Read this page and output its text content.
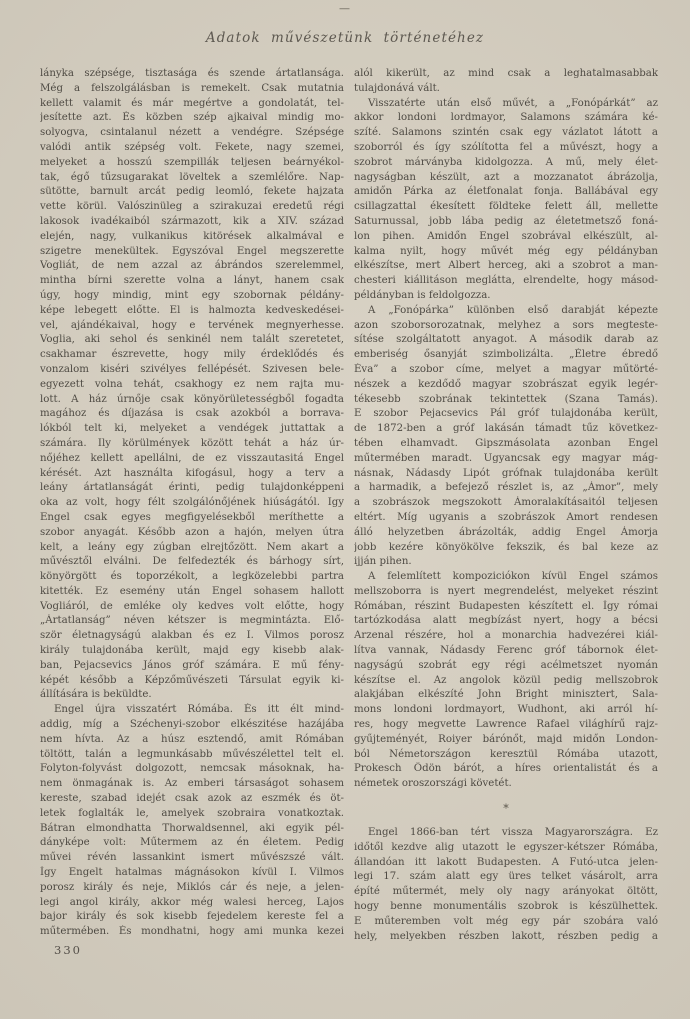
—
Adatok művészetünk történetéhez
lányka szépsége, tisztasága és szende ártatlansága.
Még a felszolgálásban is remekelt. Csak mutatnia
kellett valamit és már megértve a gondolatát, tel-
jesítette azt. És közben szép ajkaival mindig mo-
solyogva, csintalanul nézett a vendégre. Szépsége
valódi antik szépség volt. Fekete, nagy szemei,
melyeket a hosszú szempillák teljesen beárnyékol-
tak, égő tűzsugarakat löveltek a szemlélőre. Nap-
sütötte, barnult arcát pedig leomló, fekete hajzata
vette körül. Valószinüleg a szirakuzai eredetű régi
lakosok ivadékaiból származott, kik a XIV. század
elején, nagy, vulkanikus kitörések alkalmával e
szigetre menekültek. Egyszóval Engel megszerette
Vogliát, de nem azzal az ábrándos szerelemmel,
mintha bírni szerette volna a lányt, hanem csak
úgy, hogy mindig, mint egy szobornak példány-
képe lebegett előtte. El is halmozta kedveskedései-
vel, ajándékaival, hogy e tervének megnyerhesse.
Voglia, aki sehol és senkinél nem talált szeretetet,
csakhamar észrevette, hogy mily érdeklődés és
vonzalom kiséri szivélyes fellépését. Szivesen bele-
egyezett volna tehát, csakhogy ez nem rajta mu-
lott. A ház úrnője csak könyörületességből fogadta
magához és díjazása is csak azokból a borrava-
lókból telt ki, melyeket a vendégek juttattak a
számára. Ily körülmények között tehát a ház úr-
nőjéhez kellett apellálni, de ez visszautasitá Engel
kérését. Azt használta kifogásul, hogy a terv a
leány ártatlanságát érinti, pedig tulajdonképpeni
oka az volt, hogy félt szolgálónőjének hiúságától. Igy
Engel csak egyes megfigyelésekből meríthette a
szobor anyagát. Később azon a hajón, melyen útra
kelt, a leány egy zúgban elrejtőzött. Nem akart a
művésztől elválni. De felfedezték és bárhogy sírt,
könyörgött és toporzékolt, a legközelebbi partra
kitették. Ez esemény után Engel sohasem hallott
Vogliáról, de emléke oly kedves volt előtte, hogy
„Ártatlanság” néven kétszer is megmintázta. Elő-
ször életnagyságú alakban és ez I. Vilmos porosz
király tulajdonába került, majd egy kisebb alak-
ban, Pejacsevics János gróf számára. E mű fény-
képét később a Képzőművészeti Társulat egyik ki-
állítására is beküldte.
Engel újra visszatért Rómába. És itt élt mind-
addig, míg a Széchenyi-szobor elkészitése hazájába
nem hívta. Az a húsz esztendő, amit Rómában
töltött, talán a legmunkásabb művészélettel telt el.
Folyton-folyvást dolgozott, nemcsak másoknak, ha-
nem önmagának is. Az emberi társaságot sohasem
kereste, szabad idejét csak azok az eszmék és öt-
letek foglalták le, amelyek szobraira vonatkoztak.
Bátran elmondhatta Thorwaldsennel, aki egyik pél-
dányképe volt: Műtermem az én életem. Pedig
művei révén lassankint ismert művészszé vált.
Így Engelt hatalmas mágnásokon kívül I. Vilmos
porosz király és neje, Miklós cár és neje, a jelen-
legi angol király, akkor még walesi herceg, Lajos
bajor király és sok kisebb fejedelem kereste fel a
műtermében. És mondhatni, hogy ami munka kezei
alól kikerült, az mind csak a leghatalmasabbak
tulajdonává vált.
Visszatérte után első művét, a „Fonópárkát” az
akkor londoni lordmayor, Salamons számára ké-
szíté. Salamons szintén csak egy vázlatot látott a
szoborról és így szólította fel a művészt, hogy a
szobrot márványba kidolgozza. A mű, mely élet-
nagyságban készült, azt a mozzanatot ábrázolja,
amidőn Párka az életfonalat fonja. Ballábával egy
csillagzattal ékesített földteke felett áll, mellette
Saturnussal, jobb lába pedig az életetmetsző foná-
lon pihen. Amidőn Engel szobrával elkészült, al-
kalma nyilt, hogy művét még egy példányban
elkészítse, mert Albert herceg, aki a szobrot a man-
chesteri kiállitáson meglátta, elrendelte, hogy másod-
példányban is feldolgozza.
A „Fonópárka” különben első darabját képezte
azon szoborsorozatnak, melyhez a sors megteste-
sítése szolgáltatott anyagot. A második darab az
emberiség ősanyját szimbolizálta. „Életre ébredő
Éva” a szobor címe, melyet a magyar műtörté-
nészek a kezdődő magyar szobrászat egyik legér-
tékesebb szobrának tekintettek (Szana Tamás).
E szobor Pejacsevics Pál gróf tulajdonába került,
de 1872-ben a gróf lakásán támadt tűz következ-
tében elhamvadt. Gipszmásolata azonban Engel
műtermében maradt. Ugyancsak egy magyar mág-
násnak, Nádasdy Lipót grófnak tulajdonába került
a harmadik, a befejező részlet is, az „Ámor”, mely
a szobrászok megszokott Ámoralakításaitól teljesen
eltért. Míg ugyanis a szobrászok Amort rendesen
álló helyzetben ábrázolták, addig Engel Ámorja
jobb kezére könyökölve fekszik, és bal keze az
ijján pihen.
A felemlített kompoziciókon kívül Engel számos
mellszoborra is nyert megrendelést, melyeket részint
Rómában, részint Budapesten készített el. Így római
tartózkodása alatt megbízást nyert, hogy a bécsi
Arzenal részére, hol a monarchia hadvezérei kiál-
lítva vannak, Nádasdy Ferenc gróf tábornok élet-
nagyságú szobrát egy régi acélmetszet nyomán
készítse el. Az angolok közül pedig mellszobrok
alakjában elkészíté John Bright minisztert, Sala-
mons londoni lordmayort, Wudhont, aki arról hí-
res, hogy megvette Lawrence Rafael világhírű rajz-
gyűjteményét, Roiyer bárónőt, majd midőn London-
ból Németországon keresztül Rómába utazott,
Prokesch Ödön bárót, a híres orientalistát és a
németek oroszországi követét.
*
Engel 1866-ban tért vissza Magyarországra. Ez
időtől kezdve alig utazott le egyszer-kétszer Rómába,
állandóan itt lakott Budapesten. A Futó-utca jelen-
legi 17. szám alatt egy üres telket vásárolt, arra
építé műtermét, mely oly nagy arányokat öltött,
hogy benne monumentális szobrok is készülhettek.
E műteremben volt még egy pár szobára való
hely, melyekben részben lakott, részben pedig a
330
